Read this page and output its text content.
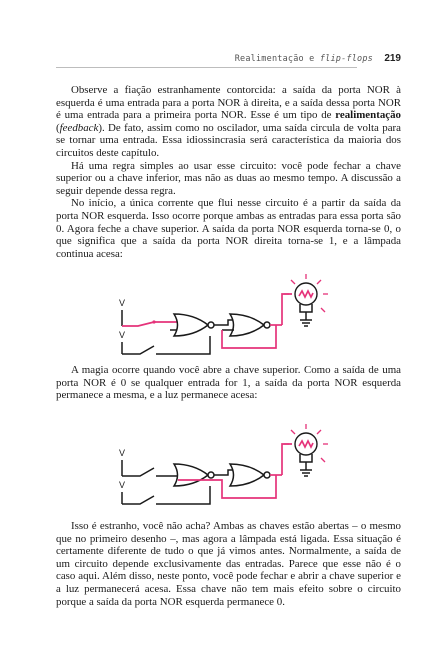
Realimentação e flip-flops 219

Observe a fiação estranhamente contorcida: a saída da porta NOR à esquerda é uma entrada para a porta NOR à direita, e a saída dessa porta NOR é uma entrada para a primeira porta NOR. Esse é um tipo de realimentação (feedback). De fato, assim como no oscilador, uma saída circula de volta para se tornar uma entrada. Essa idiossincrasia será característica da maioria dos circuitos deste capítulo.

Há uma regra simples ao usar esse circuito: você pode fechar a chave superior ou a chave inferior, mas não as duas ao mesmo tempo. A discussão a seguir depende dessa regra.

No início, a única corrente que flui nesse circuito é a partir da saída da porta NOR esquerda. Isso ocorre porque ambas as entradas para essa porta são 0. Agora feche a chave superior. A saída da porta NOR esquerda torna-se 0, o que significa que a saída da porta NOR direita torna-se 1, e a lâmpada continua acesa:

V
V

A magia ocorre quando você abre a chave superior. Como a saída de uma porta NOR é 0 se qualquer entrada for 1, a saída da porta NOR esquerda permanece a mesma, e a luz permanece acesa:

V
V

Isso é estranho, você não acha? Ambas as chaves estão abertas – o mesmo que no primeiro desenho –, mas agora a lâmpada está ligada. Essa situação é certamente diferente de tudo o que já vimos antes. Normalmente, a saída de um circuito depende exclusivamente das entradas. Parece que esse não é o caso aqui. Além disso, neste ponto, você pode fechar e abrir a chave superior e a luz permanecerá acesa. Essa chave não tem mais efeito sobre o circuito porque a saída da porta NOR esquerda permanece 0.
